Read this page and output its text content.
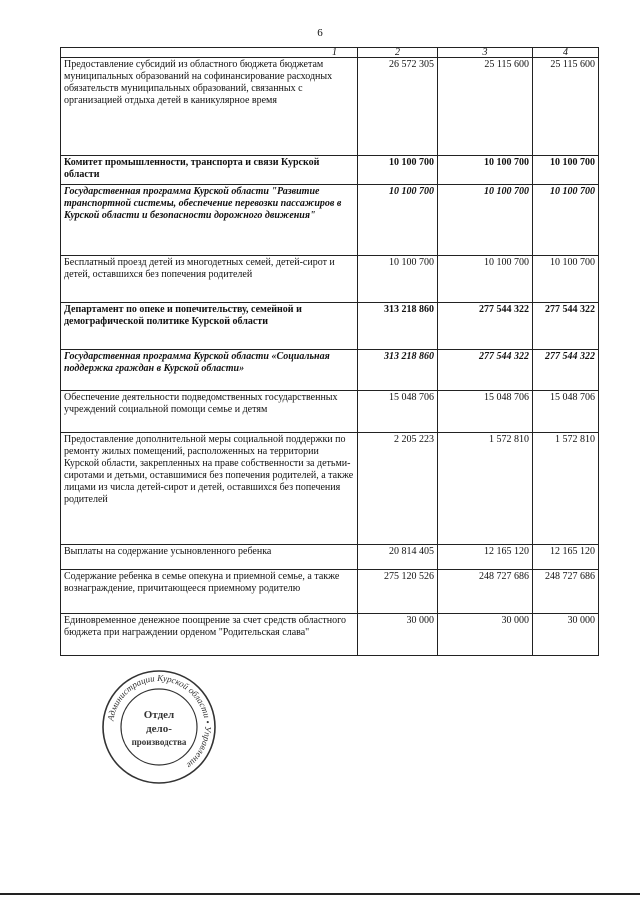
6
1	2	3	4
Предоставление субсидий из областного бюджета бюджетам муниципальных образований на софинансирование расходных обязательств муниципальных образований, связанных с организацией отдыха детей в каникулярное время	26 572 305	25 115 600	25 115 600
Комитет промышленности, транспорта и связи Курской области	10 100 700	10 100 700	10 100 700
Государственная программа Курской области "Развитие транспортной системы, обеспечение перевозки пассажиров в Курской области и безопасности дорожного движения"	10 100 700	10 100 700	10 100 700
Бесплатный проезд детей из многодетных семей, детей-сирот и детей, оставшихся без попечения родителей	10 100 700	10 100 700	10 100 700
Департамент по опеке и попечительству, семейной и демографической политике Курской области	313 218 860	277 544 322	277 544 322
Государственная программа Курской области «Социальная поддержка граждан в Курской области»	313 218 860	277 544 322	277 544 322
Обеспечение деятельности подведомственных государственных учреждений социальной помощи семье и детям	15 048 706	15 048 706	15 048 706
Предоставление дополнительной меры социальной поддержки по ремонту жилых помещений, расположенных на территории Курской области, закрепленных на праве собственности за детьми-сиротами и детьми, оставшимися без попечения родителей, а также лицами из числа детей-сирот и детей, оставшихся без попечения родителей	2 205 223	1 572 810	1 572 810
Выплаты на содержание усыновленного ребенка	20 814 405	12 165 120	12 165 120
Содержание ребенка в семье опекуна и приемной семье, а также вознаграждение, причитающееся приемному родителю	275 120 526	248 727 686	248 727 686
Единовременное денежное поощрение за счет средств областного бюджета при награждении орденом "Родительская слава"	30 000	30 000	30 000
Администрации Курской области • Управление
Отдел
дело-
производства
